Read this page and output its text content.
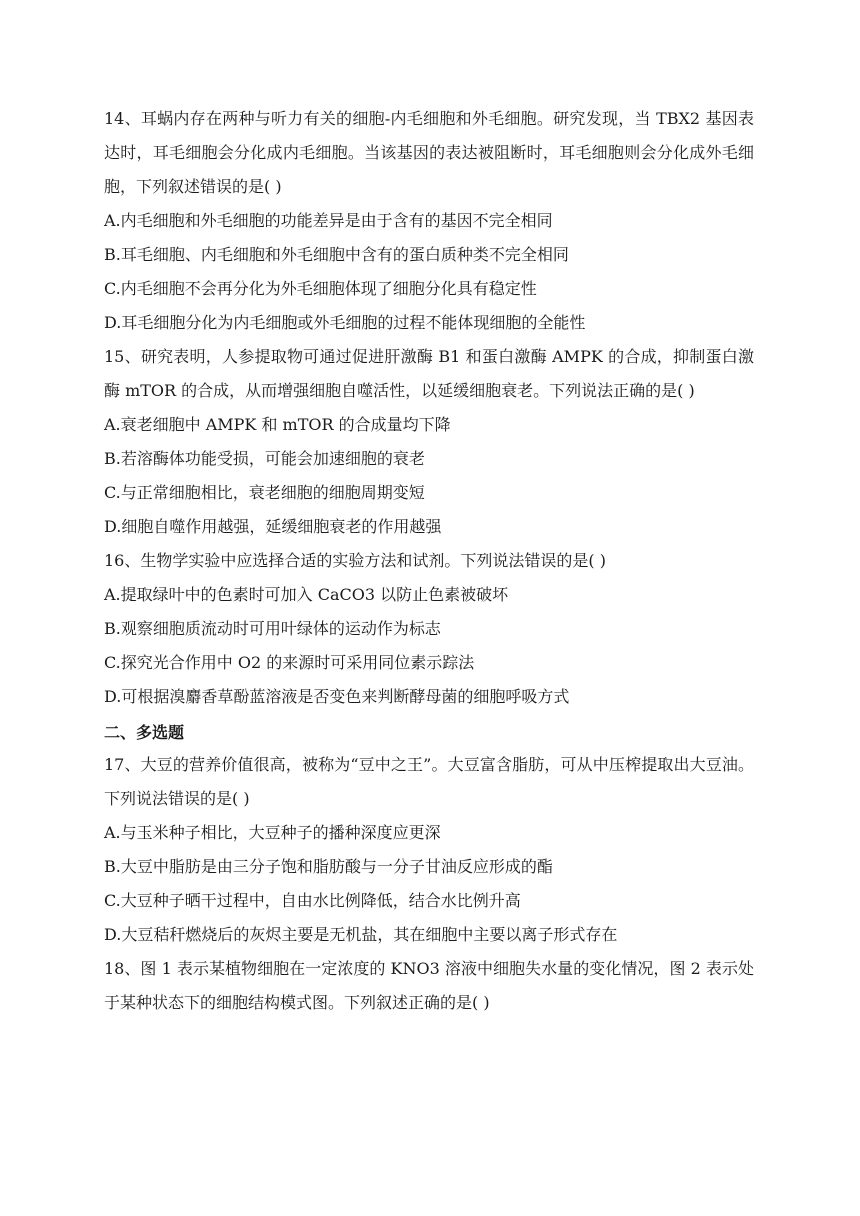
14、耳蜗内存在两种与听力有关的细胞-内毛细胞和外毛细胞。研究发现，当 TBX2 基因表达时，耳毛细胞会分化成内毛细胞。当该基因的表达被阻断时，耳毛细胞则会分化成外毛细胞，下列叙述错误的是( )

A.内毛细胞和外毛细胞的功能差异是由于含有的基因不完全相同

B.耳毛细胞、内毛细胞和外毛细胞中含有的蛋白质种类不完全相同

C.内毛细胞不会再分化为外毛细胞体现了细胞分化具有稳定性

D.耳毛细胞分化为内毛细胞或外毛细胞的过程不能体现细胞的全能性

15、研究表明，人参提取物可通过促进肝激酶 B1 和蛋白激酶 AMPK 的合成，抑制蛋白激酶 mTOR 的合成，从而增强细胞自噬活性，以延缓细胞衰老。下列说法正确的是( )

A.衰老细胞中 AMPK 和 mTOR 的合成量均下降

B.若溶酶体功能受损，可能会加速细胞的衰老

C.与正常细胞相比，衰老细胞的细胞周期变短

D.细胞自噬作用越强，延缓细胞衰老的作用越强

16、生物学实验中应选择合适的实验方法和试剂。下列说法错误的是( )

A.提取绿叶中的色素时可加入 CaCO3 以防止色素被破坏

B.观察细胞质流动时可用叶绿体的运动作为标志

C.探究光合作用中 O2 的来源时可采用同位素示踪法

D.可根据溴麝香草酚蓝溶液是否变色来判断酵母菌的细胞呼吸方式

二、多选题

17、大豆的营养价值很高，被称为“豆中之王”。大豆富含脂肪，可从中压榨提取出大豆油。下列说法错误的是( )

A.与玉米种子相比，大豆种子的播种深度应更深

B.大豆中脂肪是由三分子饱和脂肪酸与一分子甘油反应形成的酯

C.大豆种子晒干过程中，自由水比例降低，结合水比例升高

D.大豆秸秆燃烧后的灰烬主要是无机盐，其在细胞中主要以离子形式存在

18、图 1 表示某植物细胞在一定浓度的 KNO3 溶液中细胞失水量的变化情况，图 2 表示处于某种状态下的细胞结构模式图。下列叙述正确的是( )
